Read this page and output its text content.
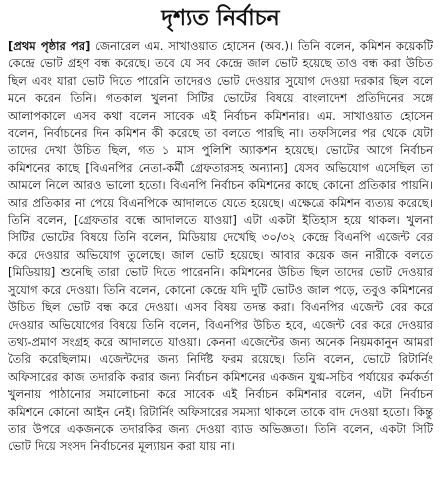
দৃশ্যত নির্বাচন

[প্রথম পৃষ্ঠার পর] জেনারেল এম. সাখাওয়াত হোসেন (অব.)। তিনি বলেন, কমিশন কয়েকটি কেন্দ্রে ভোট গ্রহণ বন্ধ করেছে। তবে যে সব কেন্দ্রে জাল ভোট হয়েছে তাও বন্ধ করা উচিত ছিল এবং যারা ভোট দিতে পারেনি তাদেরও ভোট দেওয়ার সুযোগ দেওয়া দরকার ছিল বলে মনে করেন তিনি। গতকাল খুলনা সিটির ভোটের বিষয়ে বাংলাদেশ প্রতিদিনের সঙ্গে আলাপকালে এসব কথা বলেন সাবেক এই নির্বাচন কমিশনার। এম. সাখাওয়াত হোসেন বলেন, নির্বাচনের দিন কমিশন কী করেছে তা বলতে পারছি না। তফসিলের পর থেকে যেটা তাদের দেখা উচিত ছিল, গত ১ মাস পুলিশি অ্যাকশন হয়েছে। ভোটের আগে নির্বাচন কমিশনের কাছে [বিএনপির নেতা-কর্মী গ্রেফতারসহ অন্যান্য] যেসব অভিযোগ এসেছিল তা আমলে নিলে আরও ভালো হতো। বিএনপি নির্বাচন কমিশনের কাছে কোনো প্রতিকার পায়নি। আর প্রতিকার না পেয়ে বিএনপিকে আদালতে যেতে হয়েছে। এক্ষেত্রে কমিশন ব্যত্যয় করেছে। তিনি বলেন, [গ্রেফতার বন্ধে আদালতে যাওয়া] এটা একটা ইতিহাস হয়ে থাকল। খুলনা সিটির ভোটের বিষয়ে তিনি বলেন, মিডিয়ায় দেখেছি ৩০/৩২ কেন্দ্রে বিএনপি এজেন্ট বের করে দেওয়ার অভিযোগ তুলেছে। জাল ভোট হয়েছে। আবার কয়েক জন নারীকে বলতে [মিডিয়ায়] শুনেছি তারা ভোট দিতে পারেননি। কমিশনের উচিত ছিল তাদের ভোট দেওয়ার সুযোগ করে দেওয়া। তিনি বলেন, কোনো কেন্দ্রে যদি দুটি ভোটও জাল পড়ে, তবুও কমিশনের উচিত ছিল ভোট বন্ধ করে দেওয়া। এসব বিষয় তদন্ত করা। বিএনপির এজেন্ট বের করে দেওয়ার অভিযোগের বিষয়ে তিনি বলেন, বিএনপির উচিত হবে, এজেন্ট বের করে দেওয়ার তথ্য-প্রমাণ সংগ্রহ করে আদালতে যাওয়া। কেননা এজেন্টের জন্য অনেক নিয়মকানুন আমরা তৈরি করেছিলাম। এজেন্টদের জন্য নির্দিষ্ট ফরম রয়েছে। তিনি বলেন, ভোটে রিটার্নিং অফিসারের কাজ তদারকি করার জন্য নির্বাচন কমিশনের একজন যুগ্ম-সচিব পর্যায়ের কর্মকর্তা খুলনায় পাঠানোর সমালোচনা করে সাবেক এই নির্বাচন কমিশনার বলেন, এটা নির্বাচন কমিশনে কোনো আইন নেই। রিটার্নিং অফিসারের সমস্যা থাকলে তাকে বাদ দেওয়া হতো। কিন্তু তার উপরে একজনকে তদারকির জন্য দেওয়া ব্যাড অভিজ্ঞতা। তিনি বলেন, একটা সিটি ভোট দিয়ে সংসদ নির্বাচনের মূল্যায়ন করা যায় না।
